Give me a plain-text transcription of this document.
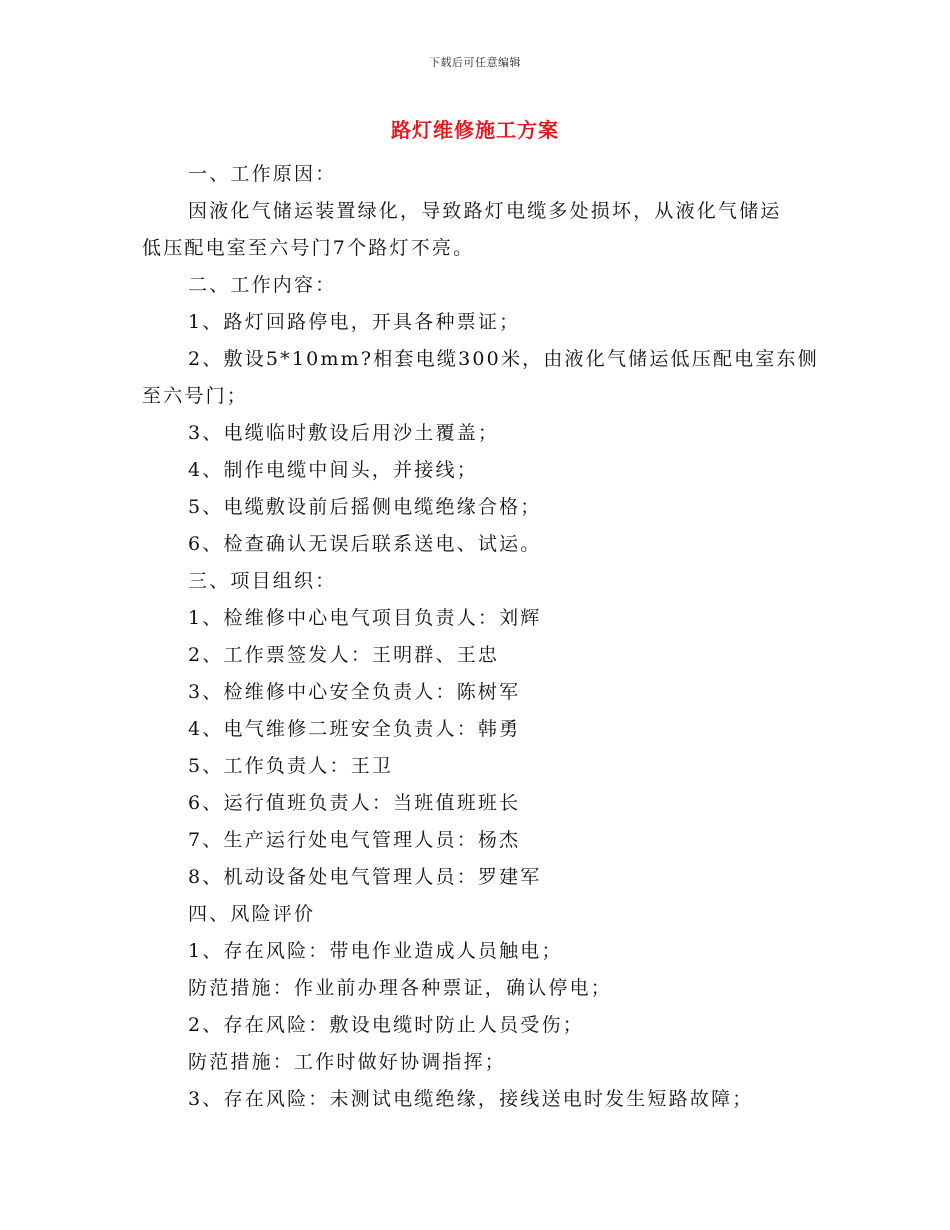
下载后可任意编辑
路灯维修施工方案
一、工作原因：
因液化气储运装置绿化，导致路灯电缆多处损坏，从液化气储运
低压配电室至六号门7个路灯不亮。
二、工作内容：
1、路灯回路停电，开具各种票证；
2、敷设5*10mm?相套电缆300米，由液化气储运低压配电室东侧
至六号门；
3、电缆临时敷设后用沙土覆盖；
4、制作电缆中间头，并接线；
5、电缆敷设前后摇侧电缆绝缘合格；
6、检查确认无误后联系送电、试运。
三、项目组织：
1、检维修中心电气项目负责人：刘辉
2、工作票签发人：王明群、王忠
3、检维修中心安全负责人：陈树军
4、电气维修二班安全负责人：韩勇
5、工作负责人：王卫
6、运行值班负责人：当班值班班长
7、生产运行处电气管理人员：杨杰
8、机动设备处电气管理人员：罗建军
四、风险评价
1、存在风险：带电作业造成人员触电；
防范措施：作业前办理各种票证，确认停电；
2、存在风险：敷设电缆时防止人员受伤；
防范措施：工作时做好协调指挥；
3、存在风险：未测试电缆绝缘，接线送电时发生短路故障；
